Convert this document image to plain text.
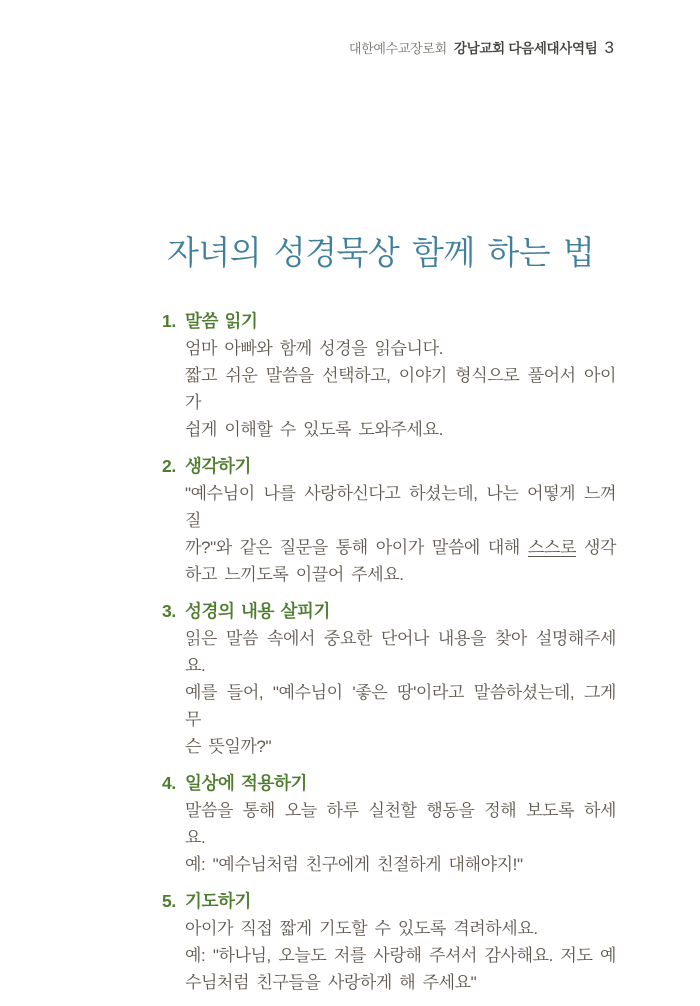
대한예수교장로회 강남교회 다음세대사역팀 3
자녀의 성경묵상 함께 하는 법
1. 말씀 읽기
엄마 아빠와 함께 성경을 읽습니다.
짧고 쉬운 말씀을 선택하고, 이야기 형식으로 풀어서 아이가
쉽게 이해할 수 있도록 도와주세요.
2. 생각하기
"예수님이 나를 사랑하신다고 하셨는데, 나는 어떻게 느껴질
까?"와 같은 질문을 통해 아이가 말씀에 대해 스스로 생각
하고 느끼도록 이끌어 주세요.
3. 성경의 내용 살피기
읽은 말씀 속에서 중요한 단어나 내용을 찾아 설명해주세요.
예를 들어, "예수님이 '좋은 땅'이라고 말씀하셨는데, 그게 무
슨 뜻일까?"
4. 일상에 적용하기
말씀을 통해 오늘 하루 실천할 행동을 정해 보도록 하세요.
예: "예수님처럼 친구에게 친절하게 대해야지!"
5. 기도하기
아이가 직접 짧게 기도할 수 있도록 격려하세요.
예: "하나님, 오늘도 저를 사랑해 주셔서 감사해요. 저도 예
수님처럼 친구들을 사랑하게 해 주세요"
